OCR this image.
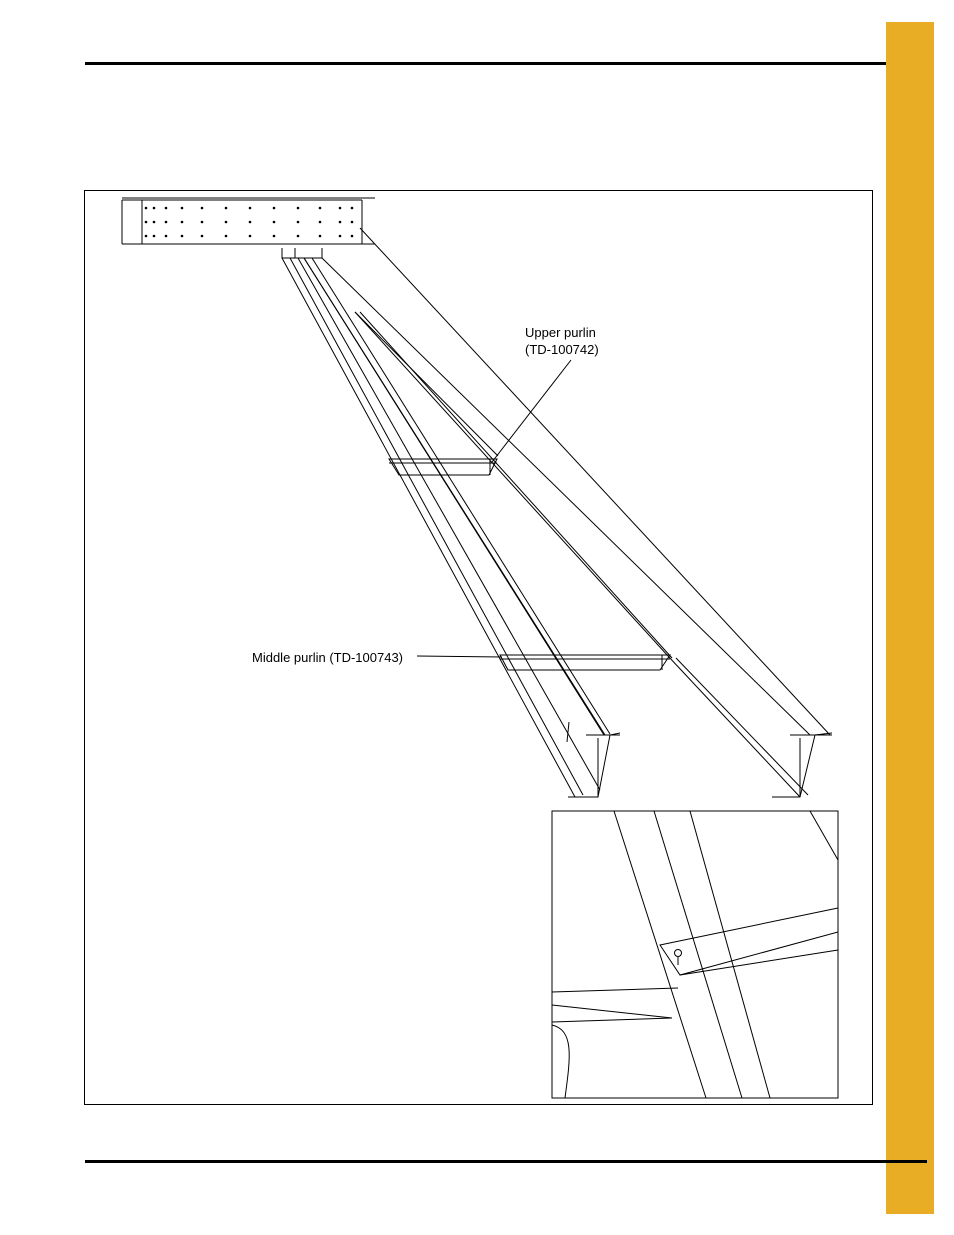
Upper purlin
(TD-100742)
Middle purlin (TD-100743)
